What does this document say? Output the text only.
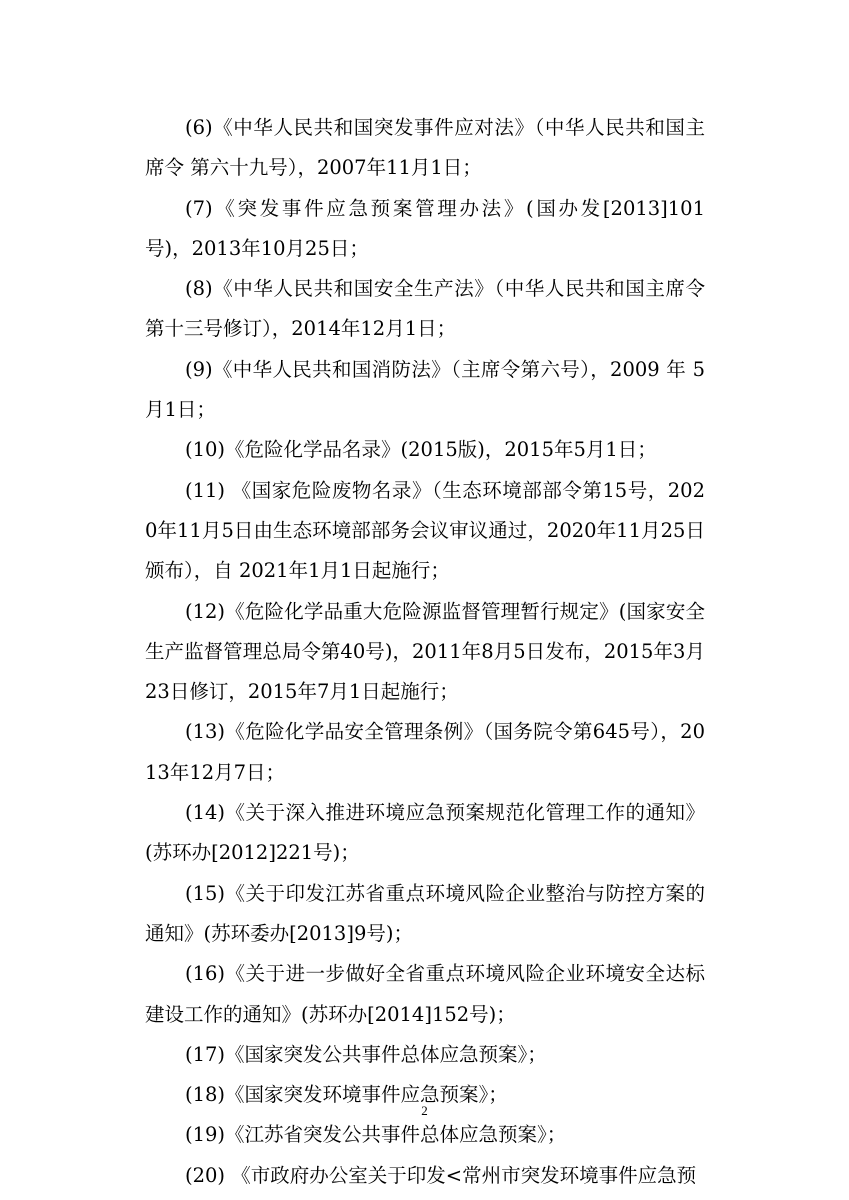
(6)《中华人民共和国突发事件应对法》（中华人民共和国主席令 第六十九号），2007年11月1日；

(7)《突发事件应急预案管理办法》(国办发[2013]101 号)，2013年10月25日；

(8)《中华人民共和国安全生产法》（中华人民共和国主席令第十三号修订），2014年12月1日；

(9)《中华人民共和国消防法》（主席令第六号），2009 年 5月1日；

(10)《危险化学品名录》(2015版)，2015年5月1日；

(11) 《国家危险废物名录》（生态环境部部令第15号，2020年11月5日由生态环境部部务会议审议通过，2020年11月25日颁布），自 2021年1月1日起施行；

(12)《危险化学品重大危险源监督管理暂行规定》(国家安全生产监督管理总局令第40号)，2011年8月5日发布，2015年3月23日修订，2015年7月1日起施行；

(13)《危险化学品安全管理条例》（国务院令第645号），2013年12月7日；

(14)《关于深入推进环境应急预案规范化管理工作的通知》(苏环办[2012]221号)；

(15)《关于印发江苏省重点环境风险企业整治与防控方案的通知》(苏环委办[2013]9号)；

(16)《关于进一步做好全省重点环境风险企业环境安全达标建设工作的通知》(苏环办[2014]152号)；

(17)《国家突发公共事件总体应急预案》；

(18)《国家突发环境事件应急预案》；

(19)《江苏省突发公共事件总体应急预案》；

(20) 《市政府办公室关于印发<常州市突发环境事件应急预

2
